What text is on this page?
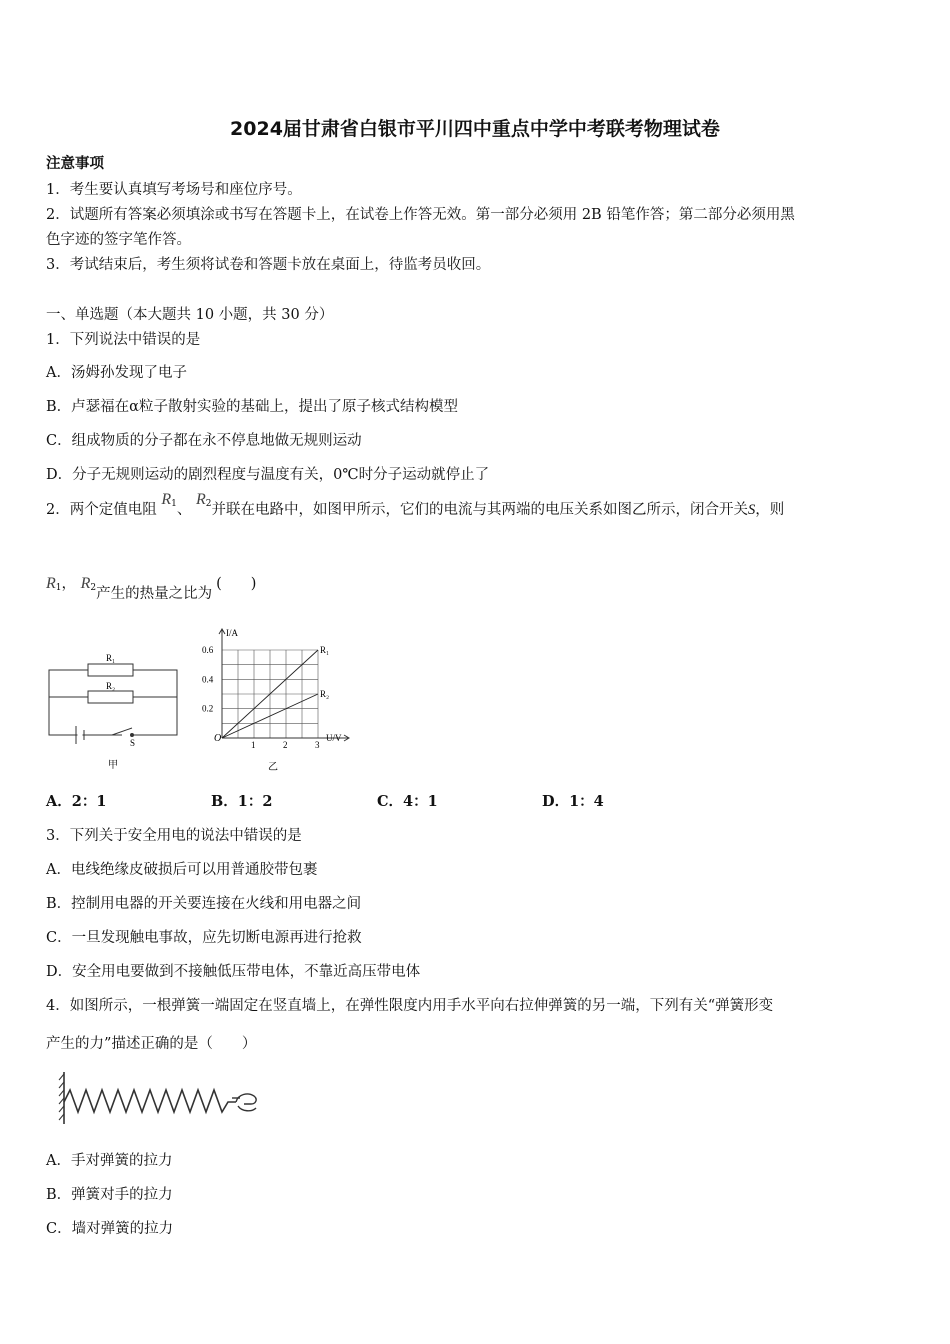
2024届甘肃省白银市平川四中重点中学中考联考物理试卷
注意事项
1．考生要认真填写考场号和座位序号。
2．试题所有答案必须填涂或书写在答题卡上，在试卷上作答无效。第一部分必须用 2B 铅笔作答；第二部分必须用黑
色字迹的签字笔作答。
3．考试结束后，考生须将试卷和答题卡放在桌面上，待监考员收回。
一、单选题（本大题共 10 小题，共 30 分）
1．下列说法中错误的是
A．汤姆孙发现了电子
B．卢瑟福在α粒子散射实验的基础上，提出了原子核式结构模型
C．组成物质的分子都在永不停息地做无规则运动
D．分子无规则运动的剧烈程度与温度有关，0℃时分子运动就停止了
2．两个定值电阻 $R_1$、 $R_2$并联在电路中，如图甲所示，它们的电流与其两端的电压关系如图乙所示，闭合开关S，则
$R_1$， $R_2$产生的热量之比为(　　)
R₁
R₂
S
甲
R₁
R₂
1	2	3
0.2
0.4
0.6
O
I/A
U/V
乙
A．2：1	B．1：2	C．4：1	D．1：4
3．下列关于安全用电的说法中错误的是
A．电线绝缘皮破损后可以用普通胶带包裹
B．控制用电器的开关要连接在火线和用电器之间
C．一旦发现触电事故，应先切断电源再进行抢救
D．安全用电要做到不接触低压带电体，不靠近高压带电体
4．如图所示，一根弹簧一端固定在竖直墙上，在弹性限度内用手水平向右拉伸弹簧的另一端，下列有关“弹簧形变
产生的力”描述正确的是（　　）
A．手对弹簧的拉力
B．弹簧对手的拉力
C．墙对弹簧的拉力
